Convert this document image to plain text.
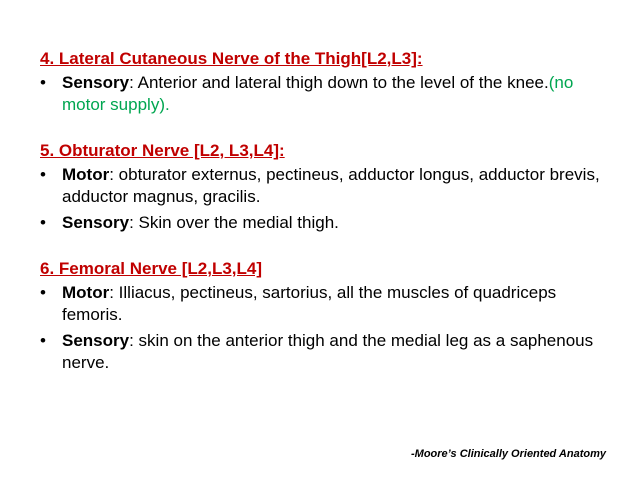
4. Lateral Cutaneous Nerve of the Thigh[L2,L3]:
• Sensory: Anterior and lateral thigh down to the level of the knee.(no motor supply).
5. Obturator Nerve [L2, L3,L4]:
• Motor: obturator externus, pectineus, adductor longus, adductor brevis, adductor magnus, gracilis.
• Sensory: Skin over the medial thigh.
6. Femoral Nerve [L2,L3,L4]
• Motor: Illiacus, pectineus, sartorius, all the muscles of quadriceps femoris.
• Sensory: skin on the anterior thigh and the medial leg as a saphenous nerve.
-Moore’s Clinically Oriented Anatomy
